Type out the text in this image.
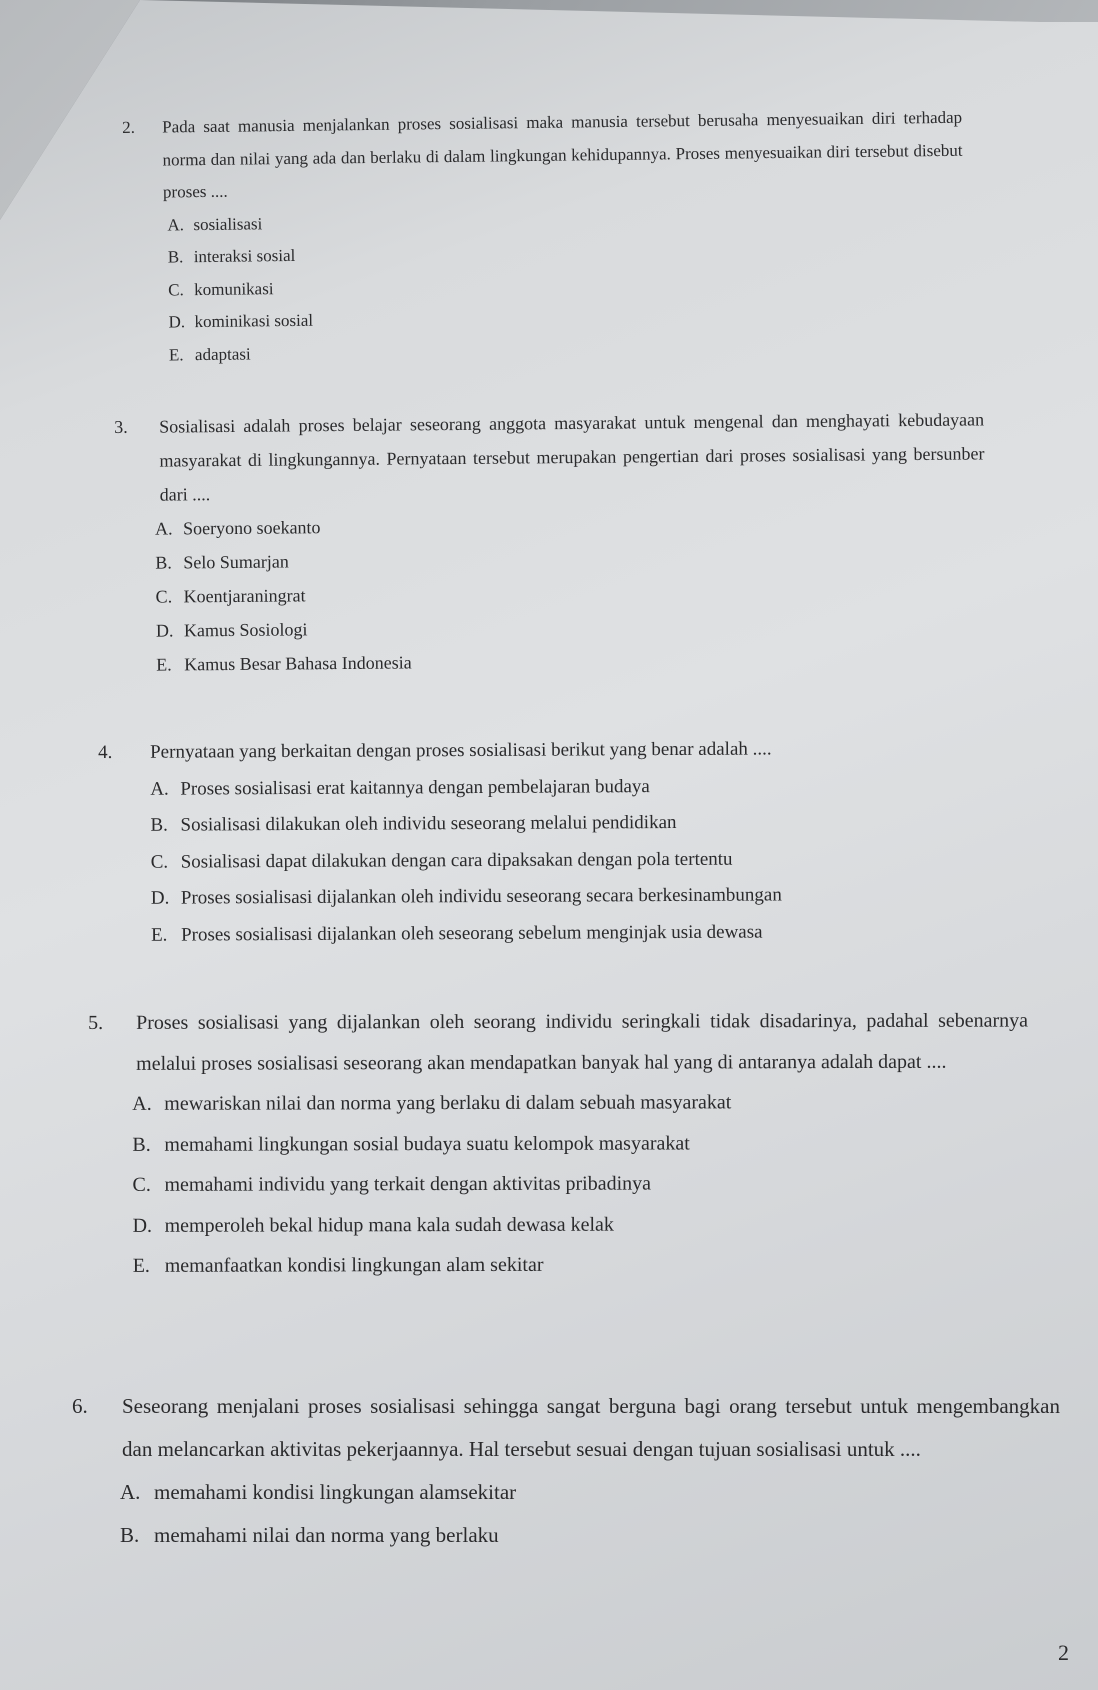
2.	Pada saat manusia menjalankan proses sosialisasi maka manusia tersebut berusaha menyesuaikan diri terhadap norma dan nilai yang ada dan berlaku di dalam lingkungan kehidupannya. Proses menyesuaikan diri tersebut disebut proses ....
A. sosialisasi
B. interaksi sosial
C. komunikasi
D. kominikasi sosial
E. adaptasi
3.	Sosialisasi adalah proses belajar seseorang anggota masyarakat untuk mengenal dan menghayati kebudayaan masyarakat di lingkungannya. Pernyataan tersebut merupakan pengertian dari proses sosialisasi yang bersunber dari ....
A. Soeryono soekanto
B. Selo Sumarjan
C. Koentjaraningrat
D. Kamus Sosiologi
E. Kamus Besar Bahasa Indonesia
4.	Pernyataan yang berkaitan dengan proses sosialisasi berikut yang benar adalah ....
A. Proses sosialisasi erat kaitannya dengan pembelajaran budaya
B. Sosialisasi dilakukan oleh individu seseorang melalui pendidikan
C. Sosialisasi dapat dilakukan dengan cara dipaksakan dengan pola tertentu
D. Proses sosialisasi dijalankan oleh individu seseorang secara berkesinambungan
E. Proses sosialisasi dijalankan oleh seseorang sebelum menginjak usia dewasa
5.	Proses sosialisasi yang dijalankan oleh seorang individu seringkali tidak disadarinya, padahal sebenarnya melalui proses sosialisasi seseorang akan mendapatkan banyak hal yang di antaranya adalah dapat ....
A. mewariskan nilai dan norma yang berlaku di dalam sebuah masyarakat
B. memahami lingkungan sosial budaya suatu kelompok masyarakat
C. memahami individu yang terkait dengan aktivitas pribadinya
D. memperoleh bekal hidup mana kala sudah dewasa kelak
E. memanfaatkan kondisi lingkungan alam sekitar
6.	Seseorang menjalani proses sosialisasi sehingga sangat berguna bagi orang tersebut untuk mengembangkan dan melancarkan aktivitas pekerjaannya. Hal tersebut sesuai dengan tujuan sosialisasi untuk ....
A. memahami kondisi lingkungan alamsekitar
B. memahami nilai dan norma yang berlaku
2
